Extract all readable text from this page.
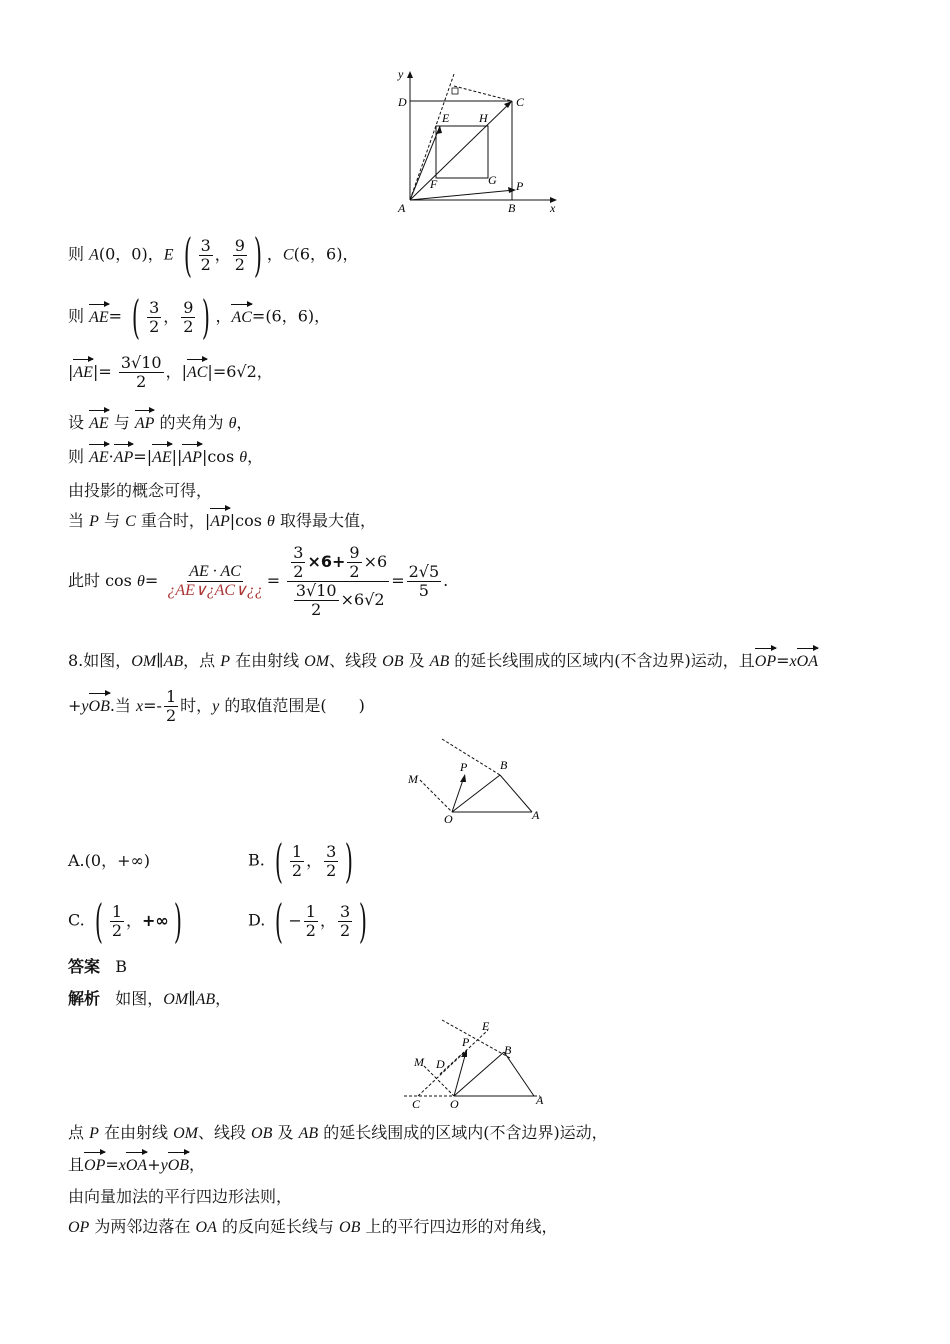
y
D	C
E H
F	G P
A	B	x
则 A(0，0)，E ( $\frac{3}{2}$ ， $\frac{9}{2}$ ) ，C(6，6)，
则 AE= ( $\frac{3}{2}$ ， $\frac{9}{2}$ ) ，AC=(6，6)，
$|AE|= \frac{3√10}{2}$ ，|AC|=6√2，
设 AE 与 AP 的夹角为 θ，
则 AE·AP=|AE||AP|cos θ，
由投影的概念可得，
当 P 与 C 重合时，|AP|cos θ 取得最大值，
此时 $\cos \theta= \frac{AE \cdot AC}{¿AE\vee¿AC\vee¿¿} = \frac{\frac{3}{2} \times 6+ \frac{9}{2} \times 6}{\frac{3√10}{2} \times 6√2} = \frac{2√5}{5}$ .
8.如图，OM∥AB，点 P 在由射线 OM、线段 OB 及 AB 的延长线围成的区域内(不含边界)运动，且OP=xOA
+yOB.当 $x=- \frac{1}{2}$ 时，y 的取值范围是(　　)
M
P	B
O	A
A.(0，+∞)	B. ( $\frac{1}{2}$ ， $\frac{3}{2}$ )
C. ( $\frac{1}{2}$ ， +∞ )	D. ( − $\frac{1}{2}$ ， $\frac{3}{2}$ )
答案 B
解析 如图，OM∥AB，
E
M D
P
B
C O	A
点 P 在由射线 OM、线段 OB 及 AB 的延长线围成的区域内(不含边界)运动，
且OP=xOA+yOB，
由向量加法的平行四边形法则，
OP 为两邻边落在 OA 的反向延长线与 OB 上的平行四边形的对角线，
